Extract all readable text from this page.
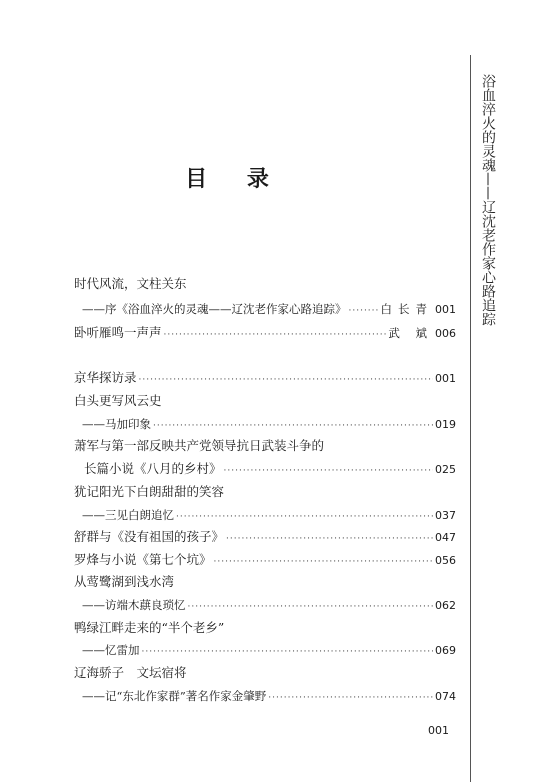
目 录	浴血淬火的灵魂——辽沈老作家心路追踪
时代风流，文柱关东
——序《浴血淬火的灵魂——辽沈老作家心路追踪》 ·····	白长青 001
卧听雁鸣一声声 ·····	武 斌 006
京华探访录 ·····	001
白头更写风云史
——马加印象 ·····	019
萧军与第一部反映共产党领导抗日武装斗争的
长篇小说《八月的乡村》 ·····	025
犹记阳光下白朗甜甜的笑容
——三见白朗追忆 ·····	037
舒群与《没有祖国的孩子》 ·····	047
罗烽与小说《第七个坑》 ·····	056
从莺鹭湖到浅水湾
——访端木蕻良琐忆 ·····	062
鸭绿江畔走来的“半个老乡”
——忆雷加 ·····	069
辽海骄子　文坛宿将
——记“东北作家群”著名作家金肇野 ·····	074
001
